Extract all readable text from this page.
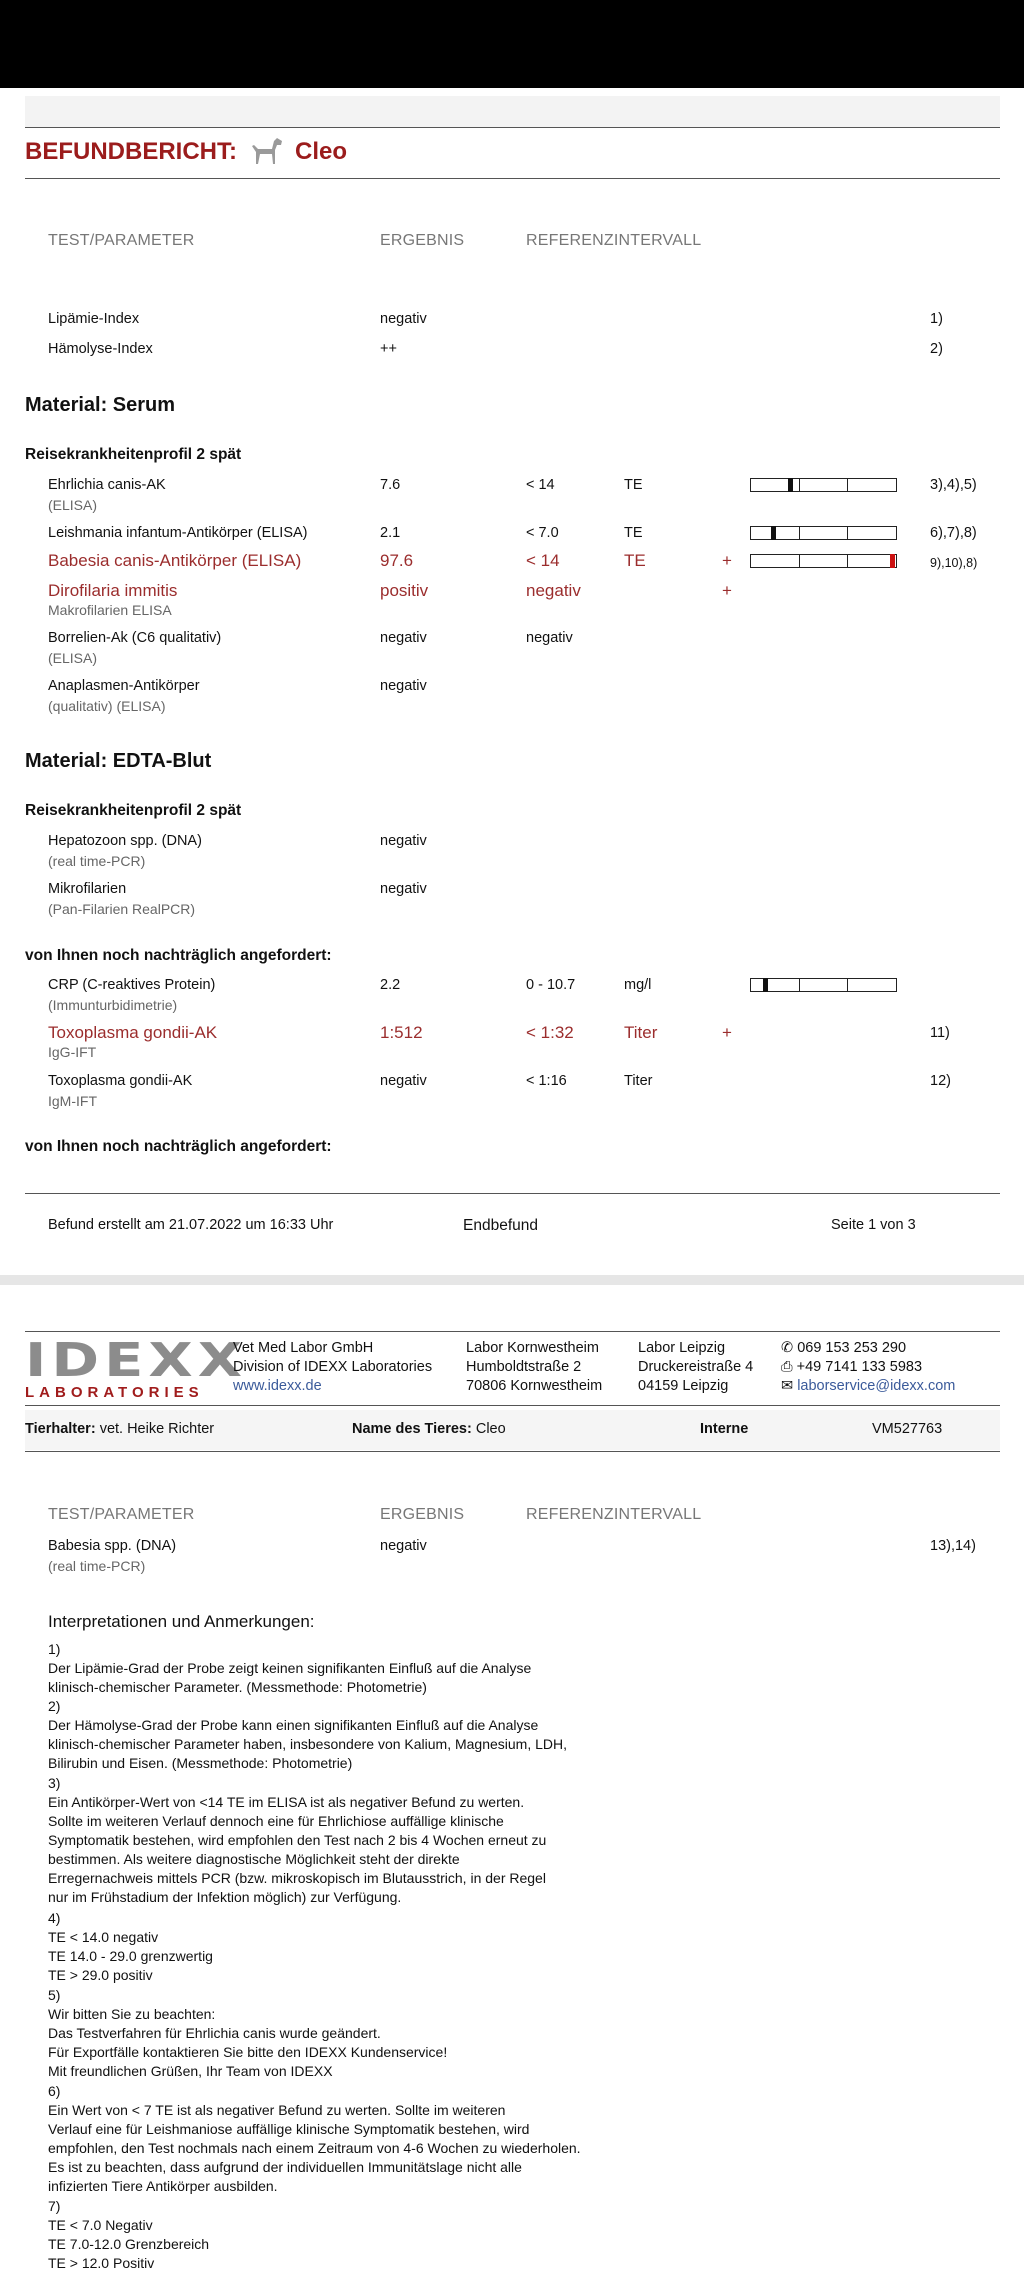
BEFUNDBERICHT: Cleo
TEST/PARAMETER	ERGEBNIS	REFERENZINTERVALL
Lipämie-Index	negativ	1)
Hämolyse-Index	++	2)
Material: Serum
Reisekrankheitenprofil 2 spät
Ehrlichia canis-AK
(ELISA)
7.6	< 14	TE	3),4),5)
Leishmania infantum-Antikörper (ELISA)	2.1	< 7.0	TE	6),7),8)
Babesia canis-Antikörper (ELISA)	97.6	< 14	TE	+	9),10),8)
Dirofilaria immitis
Makrofilarien ELISA
positiv	negativ	+
Borrelien-Ak (C6 qualitativ)
(ELISA)
negativ	negativ
Anaplasmen-Antikörper
(qualitativ) (ELISA)
negativ
Material: EDTA-Blut
Reisekrankheitenprofil 2 spät
Hepatozoon spp. (DNA)
(real time-PCR)
negativ
Mikrofilarien
(Pan-Filarien RealPCR)
negativ
von Ihnen noch nachträglich angefordert:
CRP (C-reaktives Protein)
(Immunturbidimetrie)
2.2	0 - 10.7	mg/l
Toxoplasma gondii-AK
IgG-IFT
1:512	< 1:32	Titer	+	11)
Toxoplasma gondii-AK
IgM-IFT
negativ	< 1:16	Titer	12)
von Ihnen noch nachträglich angefordert:
Befund erstellt am 21.07.2022 um 16:33 Uhr	Endbefund	Seite 1 von 3
IDEXX
LABORATORIES
Vet Med Labor GmbH
Division of IDEXX Laboratories
www.idexx.de
Labor Kornwestheim
Humboldtstraße 2
70806 Kornwestheim
Labor Leipzig
Druckereistraße 4
04159 Leipzig
✆ 069 153 253 290
⎙ +49 7141 133 5983
✉ laborservice@idexx.com
Tierhalter: vet. Heike Richter	Name des Tieres: Cleo	Interne	VM527763
TEST/PARAMETER	ERGEBNIS	REFERENZINTERVALL
Babesia spp. (DNA)
(real time-PCR)
negativ	13),14)
Interpretationen und Anmerkungen:
1)
Der Lipämie-Grad der Probe zeigt keinen signifikanten Einfluß auf die Analyse
klinisch-chemischer Parameter. (Messmethode: Photometrie)
2)
Der Hämolyse-Grad der Probe kann einen signifikanten Einfluß auf die Analyse
klinisch-chemischer Parameter haben, insbesondere von Kalium, Magnesium, LDH,
Bilirubin und Eisen. (Messmethode: Photometrie)
3)
Ein Antikörper-Wert von <14 TE im ELISA ist als negativer Befund zu werten.
Sollte im weiteren Verlauf dennoch eine für Ehrlichiose auffällige klinische
Symptomatik bestehen, wird empfohlen den Test nach 2 bis 4 Wochen erneut zu
bestimmen. Als weitere diagnostische Möglichkeit steht der direkte
Erregernachweis mittels PCR (bzw. mikroskopisch im Blutausstrich, in der Regel
nur im Frühstadium der Infektion möglich) zur Verfügung.
4)
TE < 14.0 negativ
TE 14.0 - 29.0 grenzwertig
TE > 29.0 positiv
5)
Wir bitten Sie zu beachten:
Das Testverfahren für Ehrlichia canis wurde geändert.
Für Exportfälle kontaktieren Sie bitte den IDEXX Kundenservice!
Mit freundlichen Grüßen, Ihr Team von IDEXX
6)
Ein Wert von < 7 TE ist als negativer Befund zu werten. Sollte im weiteren
Verlauf eine für Leishmaniose auffällige klinische Symptomatik bestehen, wird
empfohlen, den Test nochmals nach einem Zeitraum von 4-6 Wochen zu wiederholen.
Es ist zu beachten, dass aufgrund der individuellen Immunitätslage nicht alle
infizierten Tiere Antikörper ausbilden.
7)
TE < 7.0 Negativ
TE 7.0-12.0 Grenzbereich
TE > 12.0 Positiv
